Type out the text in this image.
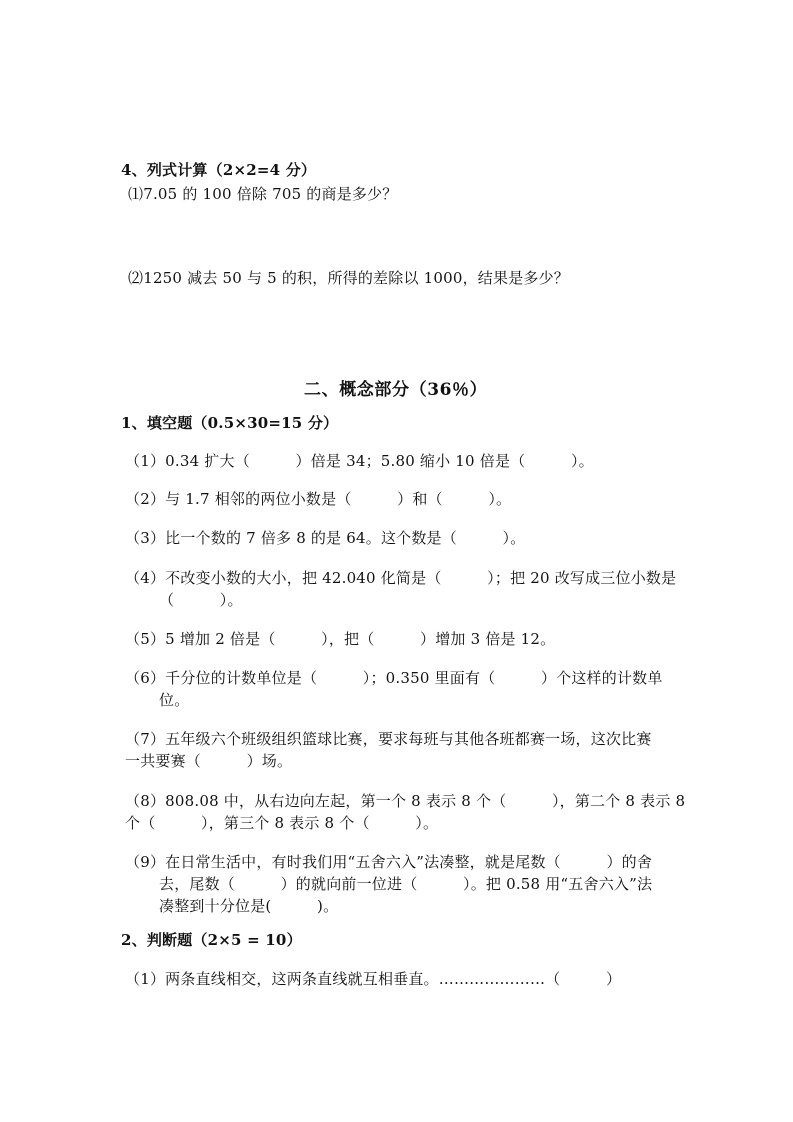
4、列式计算（2×2=4 分）
⑴7.05 的 100 倍除 705 的商是多少？
⑵1250 减去 50 与 5 的积，所得的差除以 1000，结果是多少？
二、概念部分（36％）
1、填空题（0.5×30=15 分）
（1）0.34 扩大（　　　）倍是 34；5.80 缩小 10 倍是（　　　）。
（2）与 1.7 相邻的两位小数是（　　　）和（　　　）。
（3）比一个数的 7 倍多 8 的是 64。这个数是（　　　）。
（4）不改变小数的大小，把 42.040 化简是（　　　）；把 20 改写成三位小数是
（　　　）。
（5）5 增加 2 倍是（　　　），把（　　　）增加 3 倍是 12。
（6）千分位的计数单位是（　　　）；0.350 里面有（　　　）个这样的计数单
位。
（7）五年级六个班级组织篮球比赛，要求每班与其他各班都赛一场，这次比赛
一共要赛（　　　）场。
（8）808.08 中，从右边向左起，第一个 8 表示 8 个（　　　），第二个 8 表示 8
个（　　　），第三个 8 表示 8 个（　　　）。
（9）在日常生活中，有时我们用“五舍六入”法凑整，就是尾数（　　　）的舍
去，尾数（　　　）的就向前一位进（　　　）。把 0.58 用“五舍六入”法
凑整到十分位是(　　　)。
2、判断题（2×5 = 10）
（1）两条直线相交，这两条直线就互相垂直。…………………（　　　）
